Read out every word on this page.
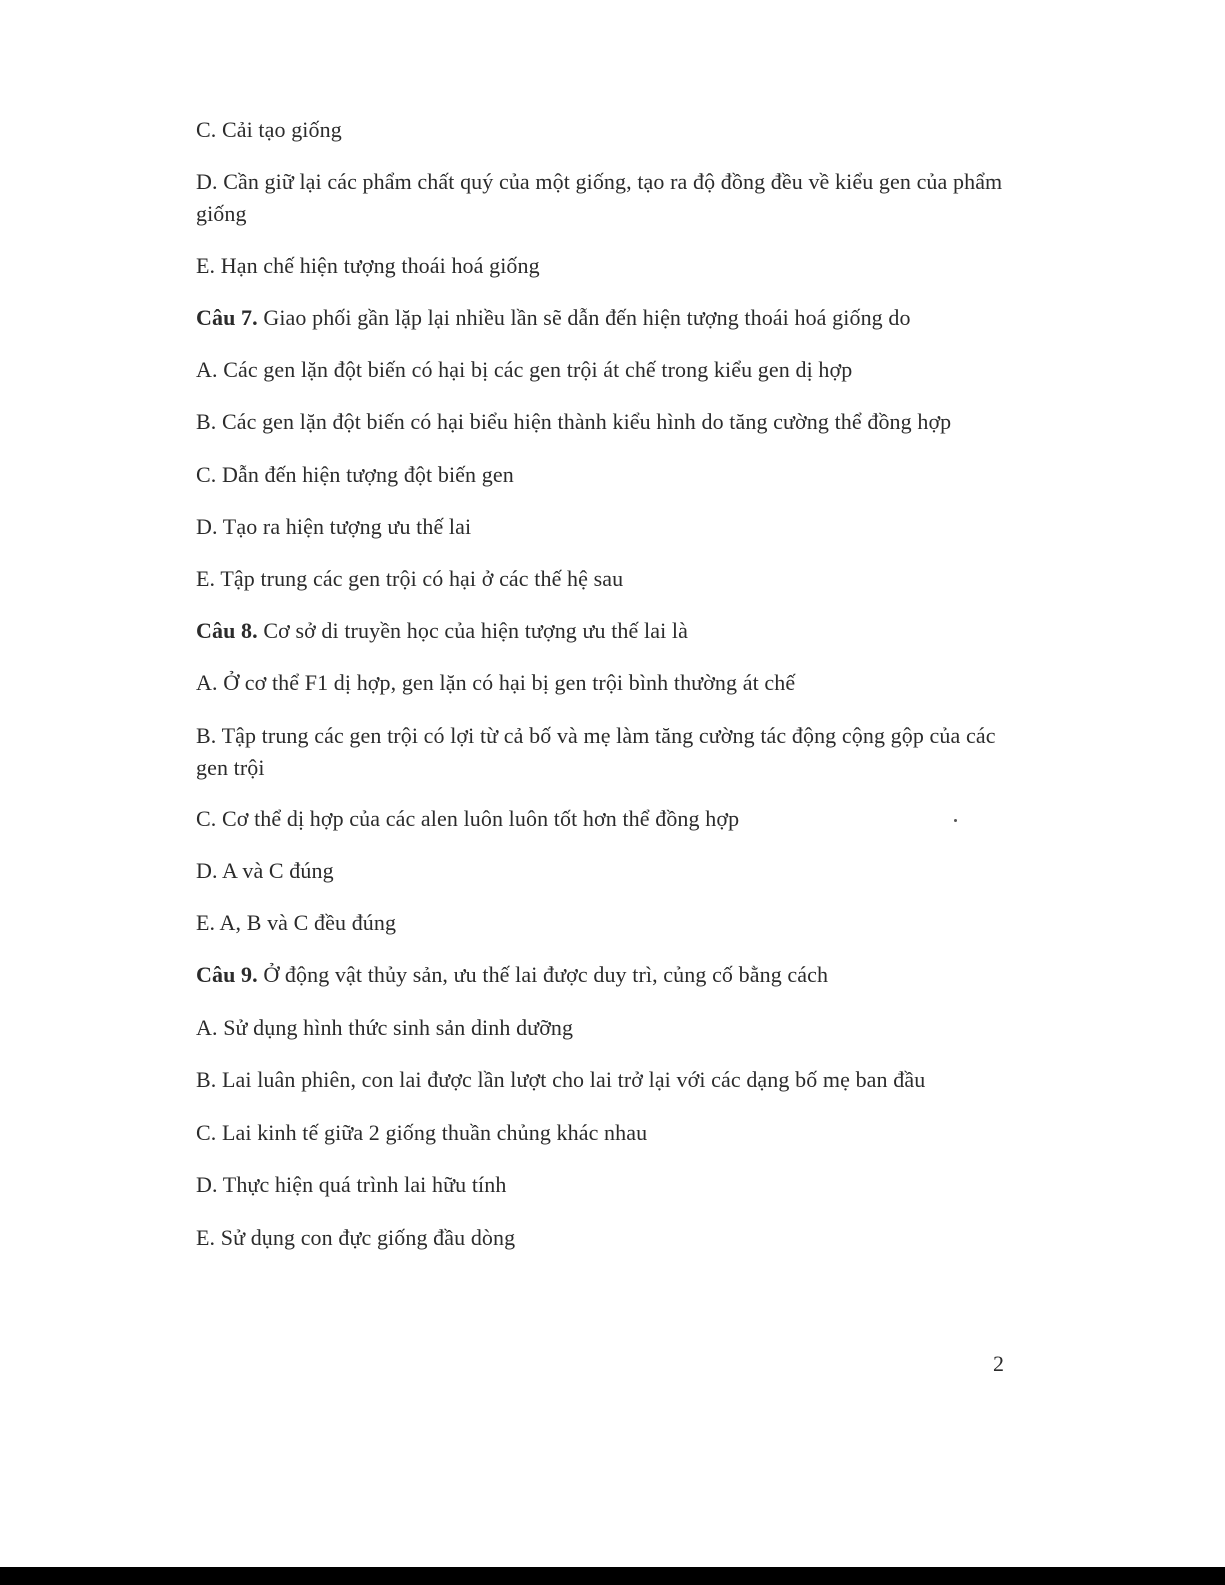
C. Cải tạo giống
D. Cần giữ lại các phẩm chất quý của một giống, tạo ra độ đồng đều về kiểu gen của phẩm giống
E. Hạn chế hiện tượng thoái hoá giống
Câu 7. Giao phối gần lặp lại nhiều lần sẽ dẫn đến hiện tượng thoái hoá giống do
A. Các gen lặn đột biến có hại bị các gen trội át chế trong kiểu gen dị hợp
B. Các gen lặn đột biến có hại biểu hiện thành kiểu hình do tăng cường thể đồng hợp
C. Dẫn đến hiện tượng đột biến gen
D. Tạo ra hiện tượng ưu thế lai
E. Tập trung các gen trội có hại ở các thế hệ sau
Câu 8. Cơ sở di truyền học của hiện tượng ưu thế lai là
A. Ở cơ thể F1 dị hợp, gen lặn có hại bị gen trội bình thường át chế
B. Tập trung các gen trội có lợi từ cả bố và mẹ làm tăng cường tác động cộng gộp của các gen trội
C. Cơ thể dị hợp của các alen luôn luôn tốt hơn thể đồng hợp
D. A và C đúng
E. A, B và C đều đúng
Câu 9. Ở động vật thủy sản, ưu thế lai được duy trì, củng cố bằng cách
A. Sử dụng hình thức sinh sản dinh dưỡng
B. Lai luân phiên, con lai được lần lượt cho lai trở lại với các dạng bố mẹ ban đầu
C. Lai kinh tế giữa 2 giống thuần chủng khác nhau
D. Thực hiện quá trình lai hữu tính
E. Sử dụng con đực giống đầu dòng
2
